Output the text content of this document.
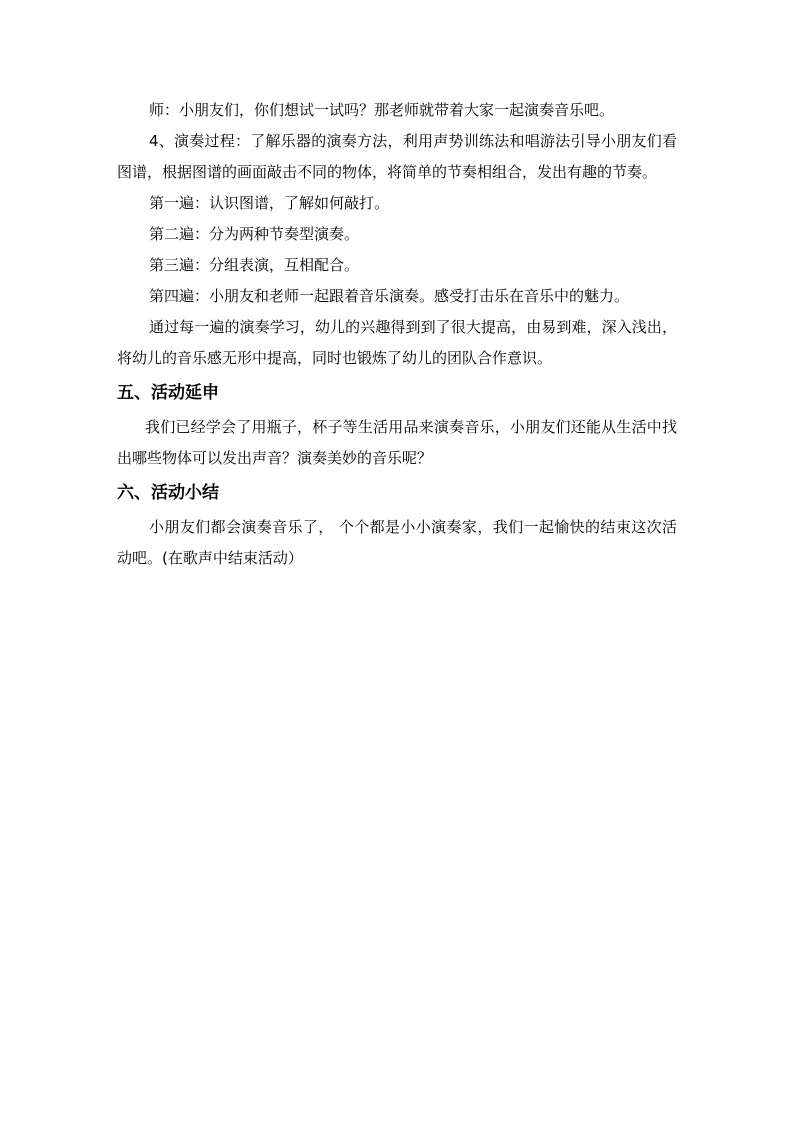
师：小朋友们，你们想试一试吗？那老师就带着大家一起演奏音乐吧。

4、演奏过程：了解乐器的演奏方法，利用声势训练法和唱游法引导小朋友们看图谱，根据图谱的画面敲击不同的物体，将简单的节奏相组合，发出有趣的节奏。

第一遍：认识图谱，了解如何敲打。

第二遍：分为两种节奏型演奏。

第三遍：分组表演，互相配合。

第四遍：小朋友和老师一起跟着音乐演奏。感受打击乐在音乐中的魅力。

通过每一遍的演奏学习，幼儿的兴趣得到到了很大提高，由易到难，深入浅出，将幼儿的音乐感无形中提高，同时也锻炼了幼儿的团队合作意识。

五、活动延申

我们已经学会了用瓶子，杯子等生活用品来演奏音乐，小朋友们还能从生活中找出哪些物体可以发出声音？演奏美妙的音乐呢？

六、活动小结

小朋友们都会演奏音乐了， 个个都是小小演奏家，我们一起愉快的结束这次活动吧。(在歌声中结束活动）
